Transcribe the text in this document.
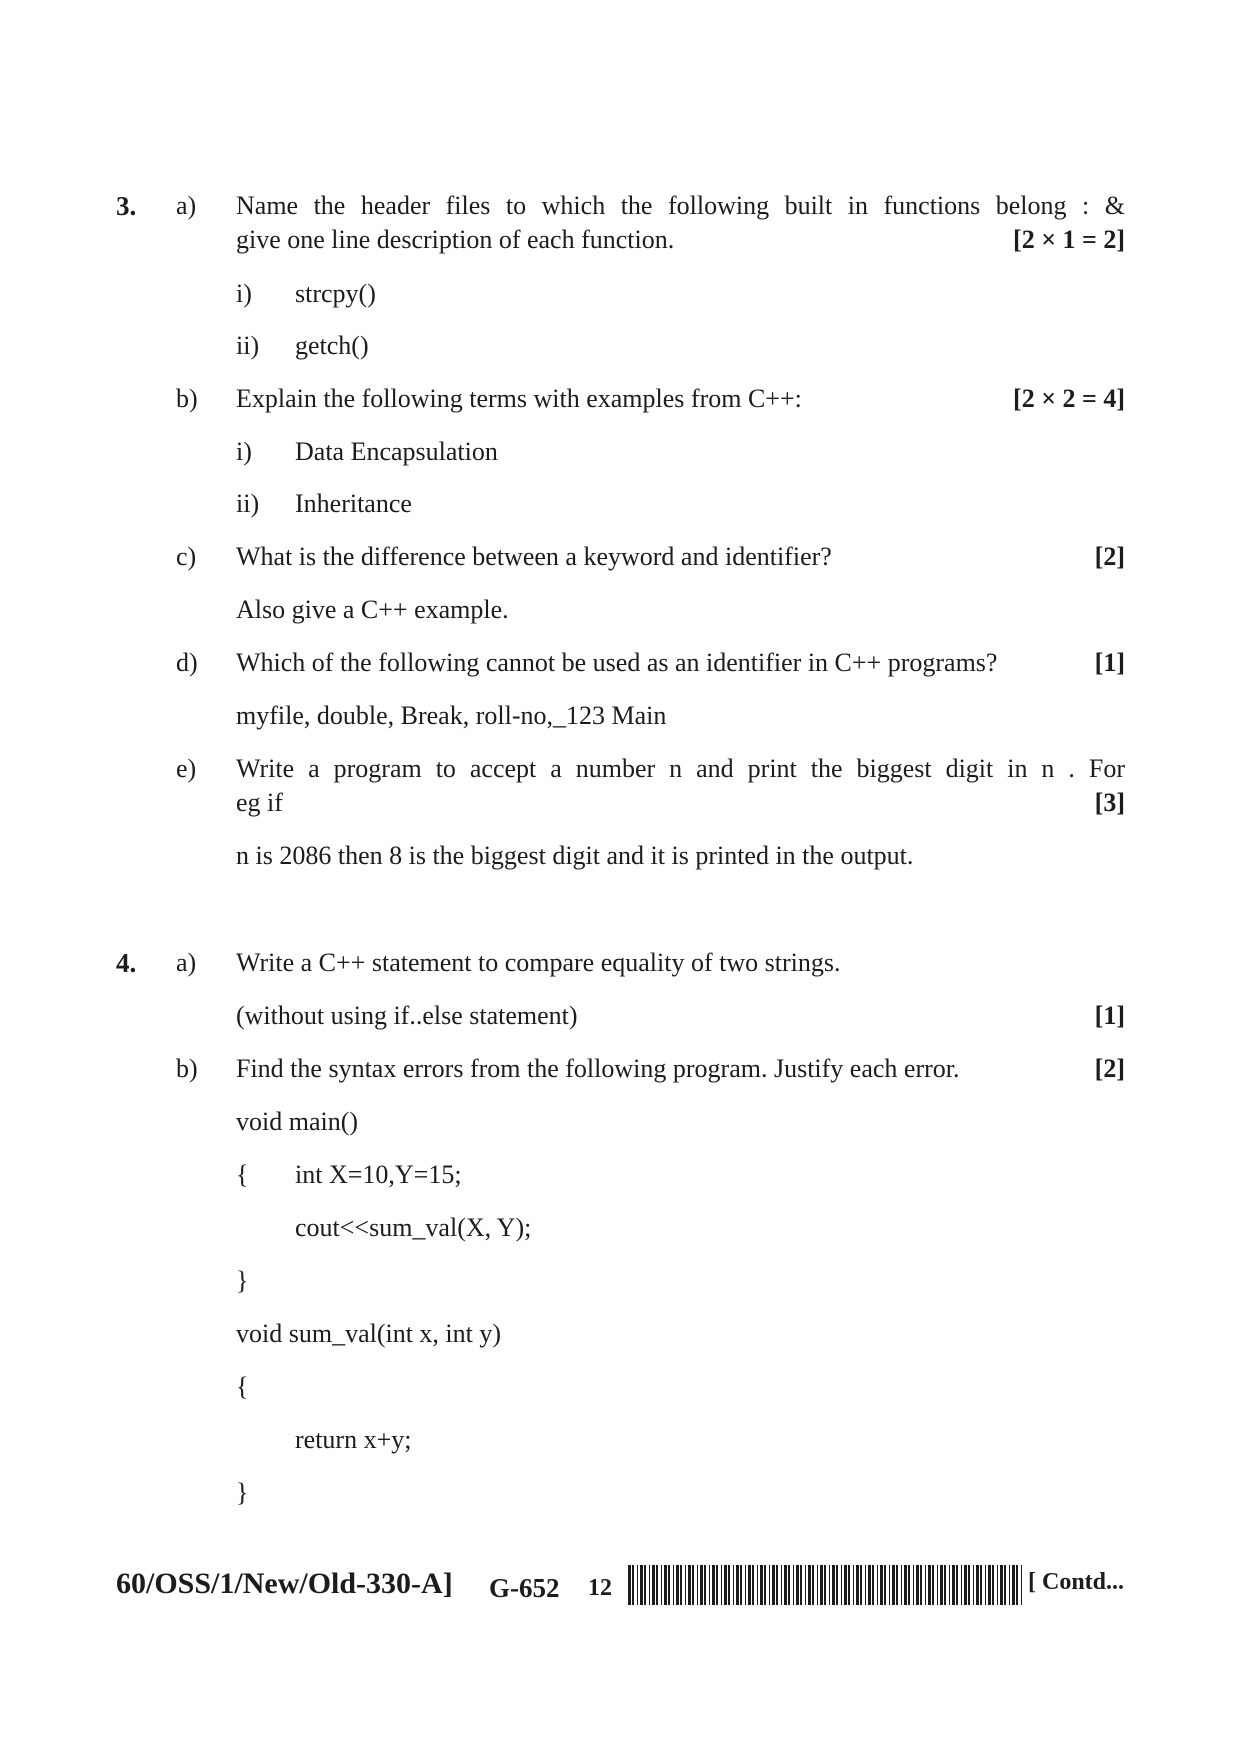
3. a) Name the header files to which the following built in functions belong : &
give one line description of each function.	[2 × 1 = 2]
i) strcpy()
ii) getch()
b) Explain the following terms with examples from C++:	[2 × 2 = 4]
i) Data Encapsulation
ii) Inheritance
c) What is the difference between a keyword and identifier?	[2]
Also give a C++ example.
d) Which of the following cannot be used as an identifier in C++ programs?	[1]
myfile, double, Break, roll-no,_123 Main
e) Write a program to accept a number n and print the biggest digit in n . For
eg if	[3]
n is 2086 then 8 is the biggest digit and it is printed in the output.
4. a) Write a C++ statement to compare equality of two strings.
(without using if..else statement)	[1]
b) Find the syntax errors from the following program. Justify each error.	[2]
void main()
{ int X=10,Y=15;
cout<<sum_val(X, Y);
}
void sum_val(int x, int y)
{
return x+y;
}
60/OSS/1/New/Old-330-A] G-652 12	[ Contd...
